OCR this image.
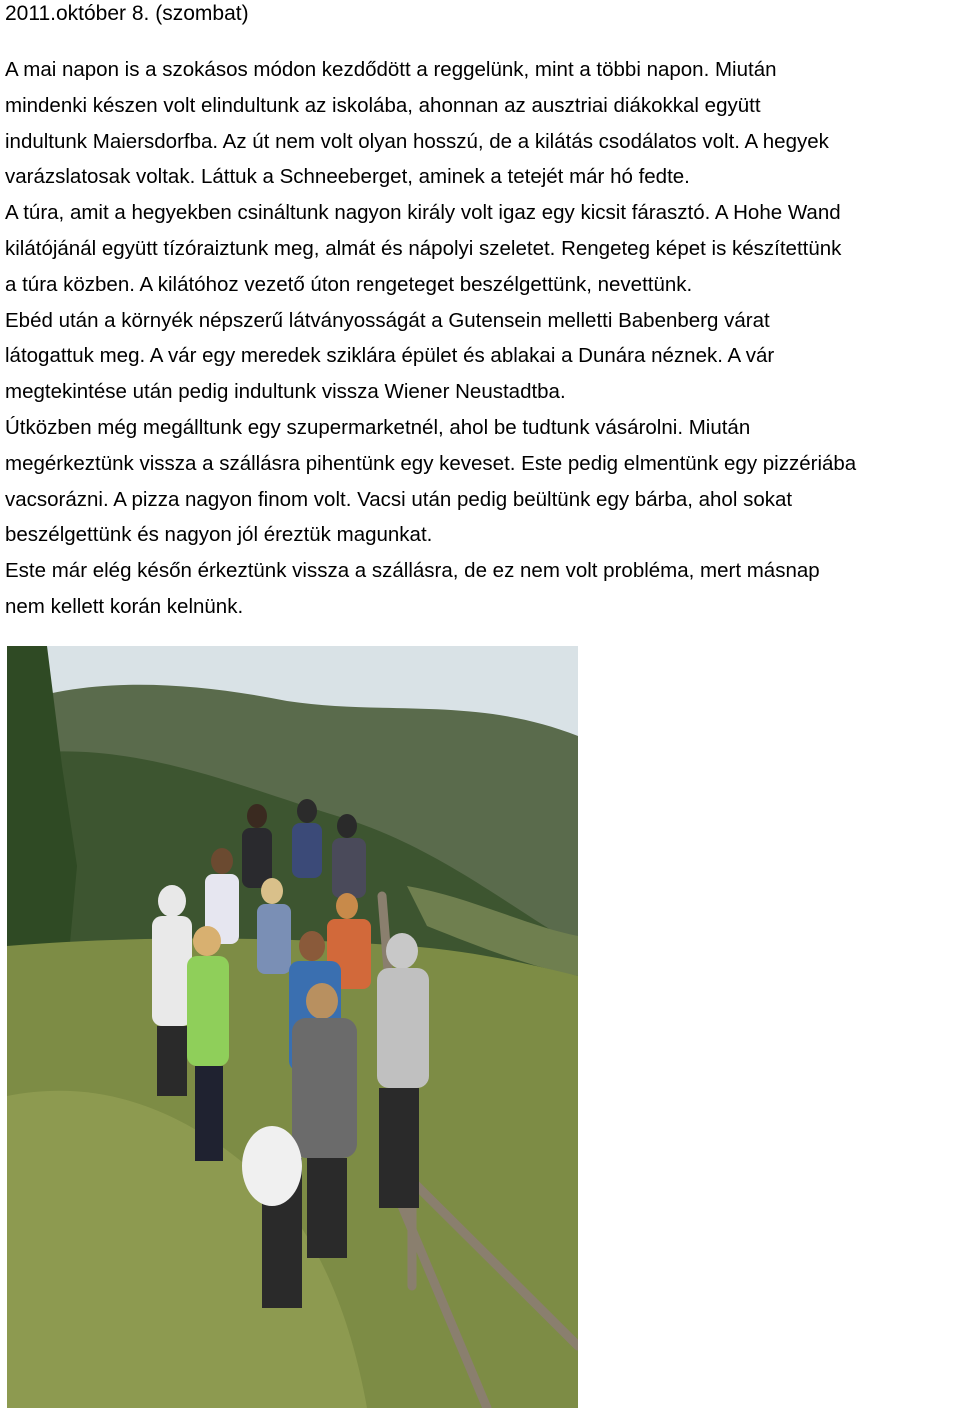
2011.október 8. (szombat)
A mai napon is a szokásos módon kezdődött a reggelünk, mint a többi napon. Miután
mindenki készen volt elindultunk az iskolába, ahonnan az ausztriai diákokkal együtt
indultunk Maiersdorfba. Az út nem volt olyan hosszú, de a kilátás csodálatos volt. A hegyek
varázslatosak voltak. Láttuk a Schneeberget, aminek a tetejét már hó fedte.
A túra, amit a hegyekben csináltunk nagyon király volt igaz egy kicsit fárasztó. A Hohe Wand
kilátójánál együtt tízóraiztunk meg, almát és nápolyi szeletet. Rengeteg képet is készítettünk
a túra közben. A kilátóhoz vezető úton rengeteget beszélgettünk, nevettünk.
Ebéd után a környék népszerű látványosságát a Gutensein melletti Babenberg várat
látogattuk meg. A vár egy meredek sziklára épület és ablakai a Dunára néznek. A vár
megtekintése után pedig indultunk vissza Wiener Neustadtba.
Útközben még megálltunk egy szupermarketnél, ahol be tudtunk vásárolni. Miután
megérkeztünk vissza a szállásra pihentünk egy keveset. Este pedig elmentünk egy pizzériába
vacsorázni. A pizza nagyon finom volt. Vacsi után pedig beültünk egy bárba, ahol sokat
beszélgettünk és nagyon jól éreztük magunkat.
Este már elég későn érkeztünk vissza a szállásra, de ez nem volt probléma, mert másnap
nem kellett korán kelnünk.
